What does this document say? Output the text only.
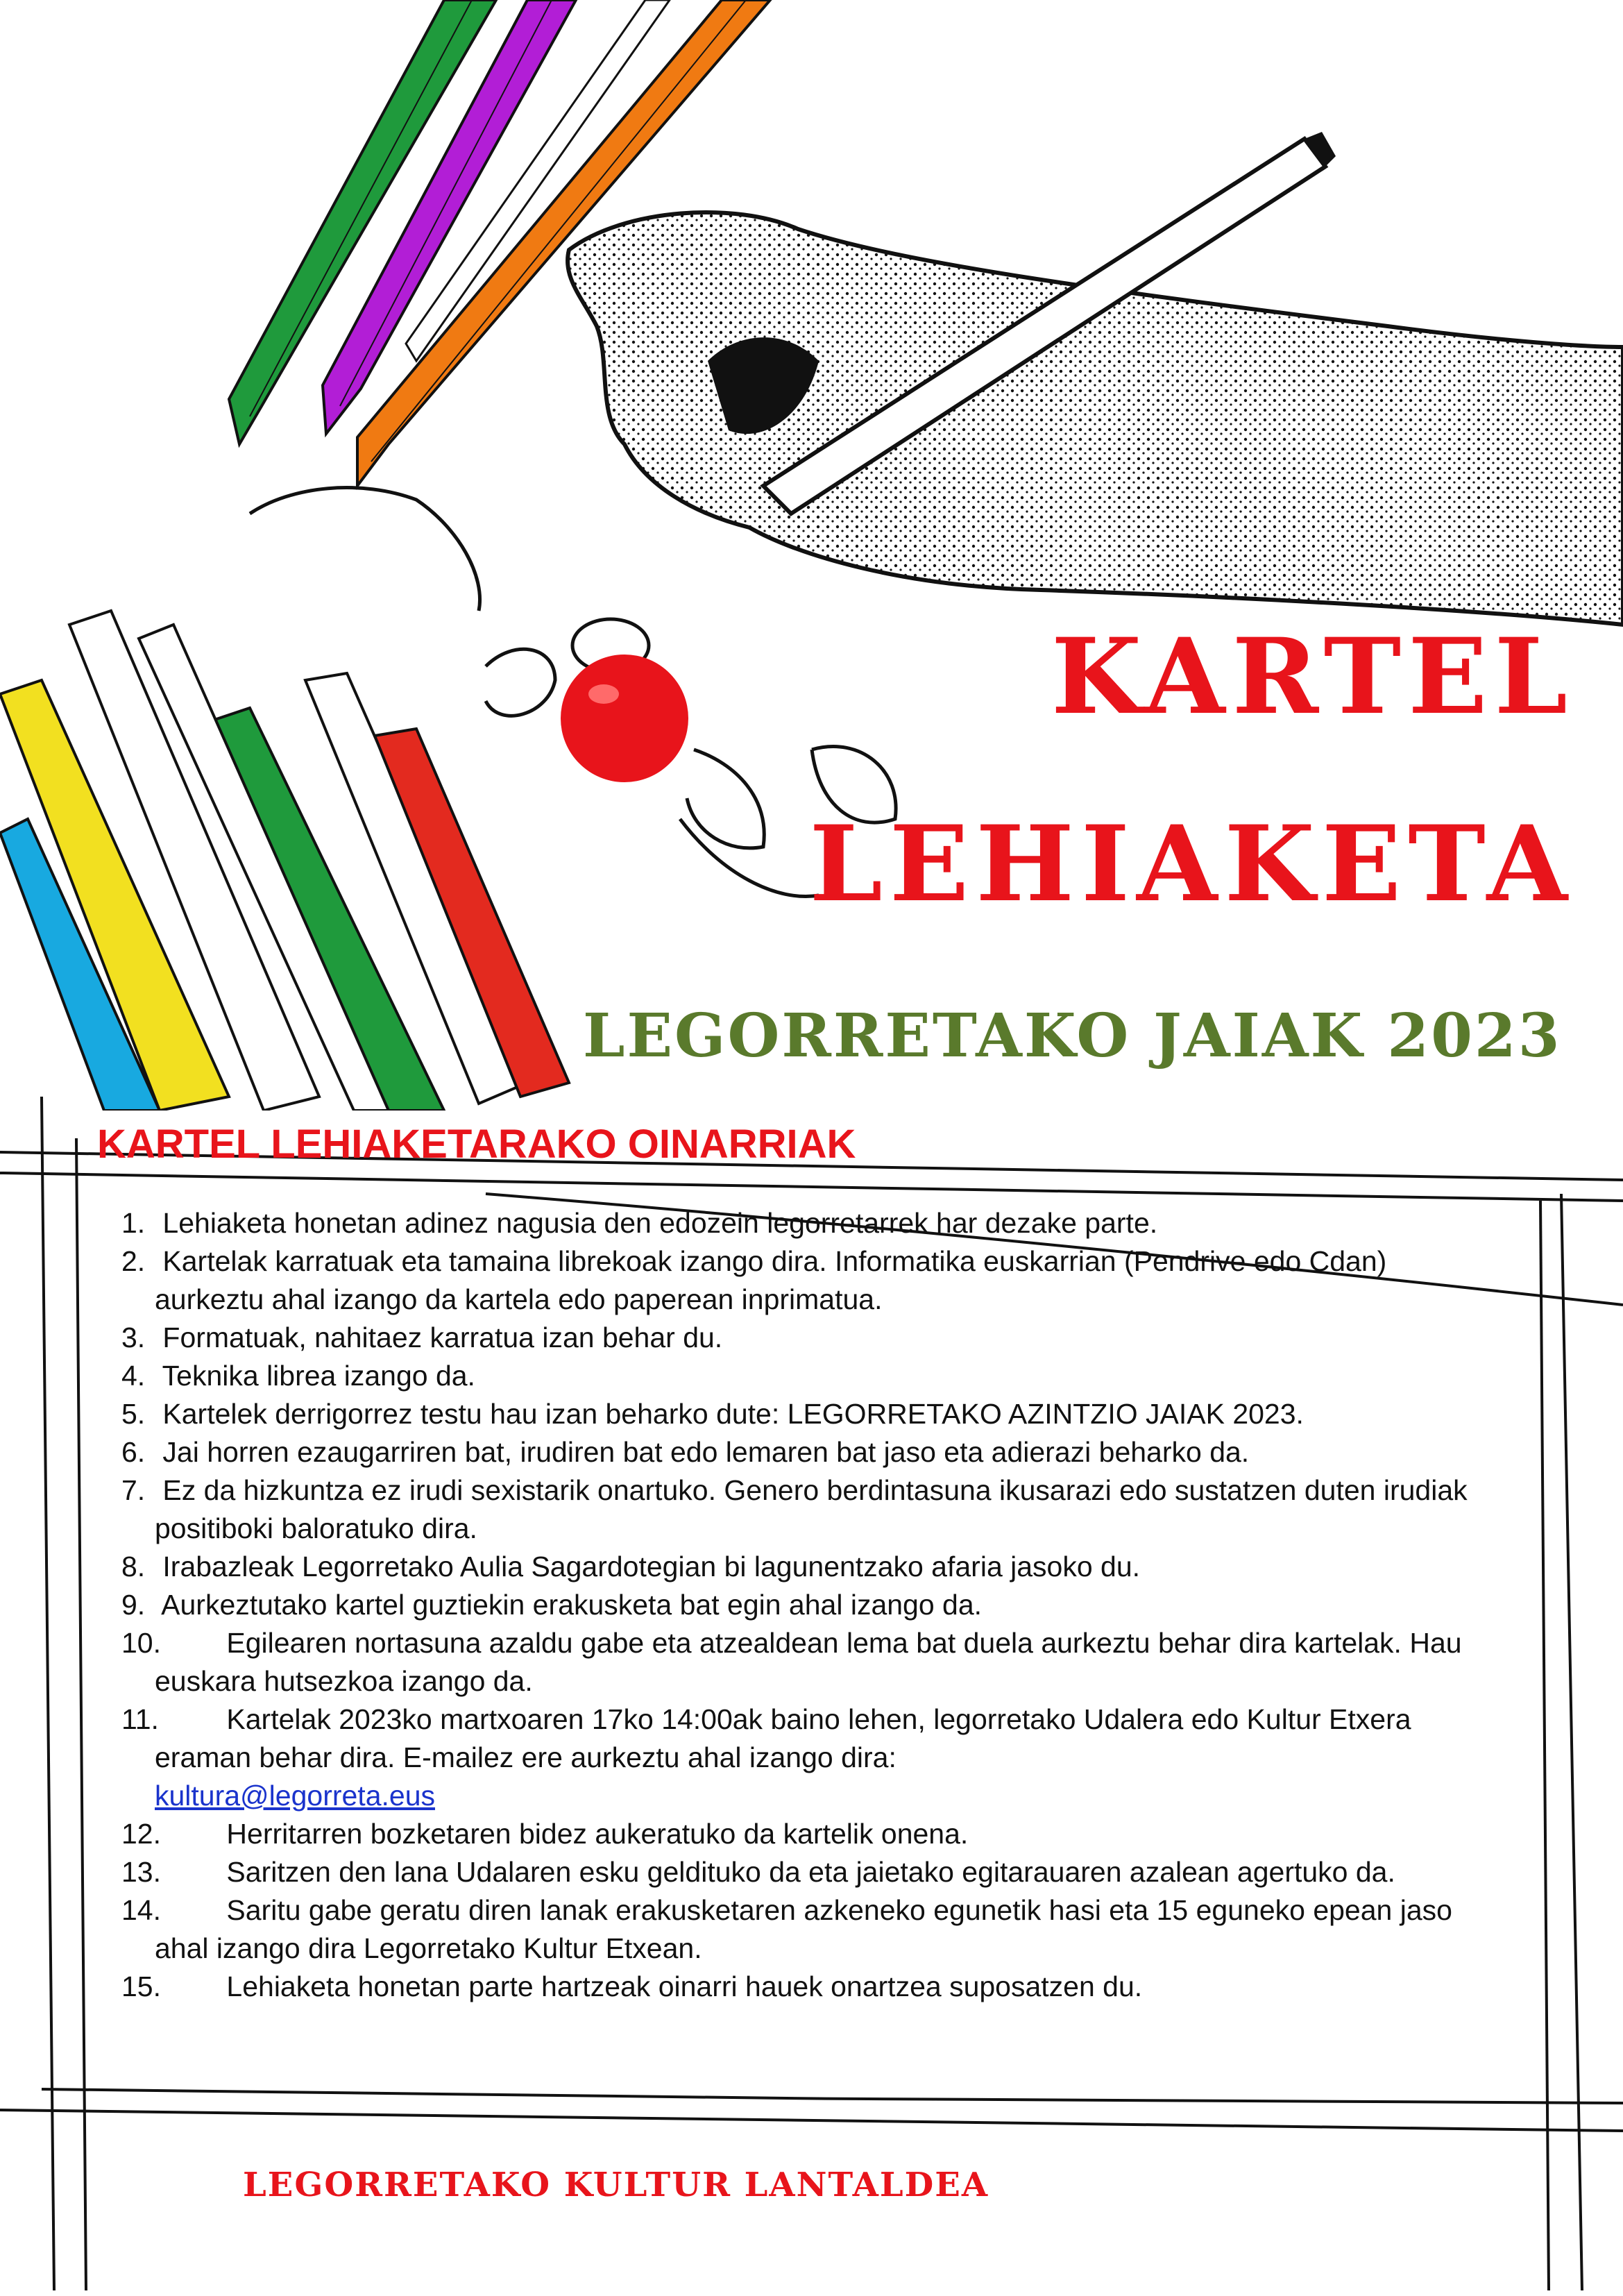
KARTEL
LEHIAKETA
LEGORRETAKO JAIAK 2023
KARTEL LEHIAKETARAKO OINARRIAK
1. Lehiaketa honetan adinez nagusia den edozein legorretarrek har dezake parte.
2. Kartelak karratuak eta tamaina librekoak izango dira. Informatika euskarrian (Pendrive edo Cdan) aurkeztu ahal izango da kartela edo paperean inprimatua.
3. Formatuak, nahitaez karratua izan behar du.
4. Teknika librea izango da.
5. Kartelek derrigorrez testu hau izan beharko dute: LEGORRETAKO AZINTZIO JAIAK 2023.
6. Jai horren ezaugarriren bat, irudiren bat edo lemaren bat jaso eta adierazi beharko da.
7. Ez da hizkuntza ez irudi sexistarik onartuko. Genero berdintasuna ikusarazi edo sustatzen duten irudiak positiboki baloratuko dira.
8. Irabazleak Legorretako Aulia Sagardotegian bi lagunentzako afaria jasoko du.
9. Aurkeztutako kartel guztiekin erakusketa bat egin ahal izango da.
10. Egilearen nortasuna azaldu gabe eta atzealdean lema bat duela aurkeztu behar dira kartelak. Hau euskara hutsezkoa izango da.
11. Kartelak 2023ko martxoaren 17ko 14:00ak baino lehen, legorretako Udalera edo Kultur Etxera eraman behar dira. E-mailez ere aurkeztu ahal izango dira:
kultura@legorreta.eus
12. Herritarren bozketaren bidez aukeratuko da kartelik onena.
13. Saritzen den lana Udalaren esku geldituko da eta jaietako egitarauaren azalean agertuko da.
14. Saritu gabe geratu diren lanak erakusketaren azkeneko egunetik hasi eta 15 eguneko epean jaso ahal izango dira Legorretako Kultur Etxean.
15. Lehiaketa honetan parte hartzeak oinarri hauek onartzea suposatzen du.
LEGORRETAKO KULTUR LANTALDEA
